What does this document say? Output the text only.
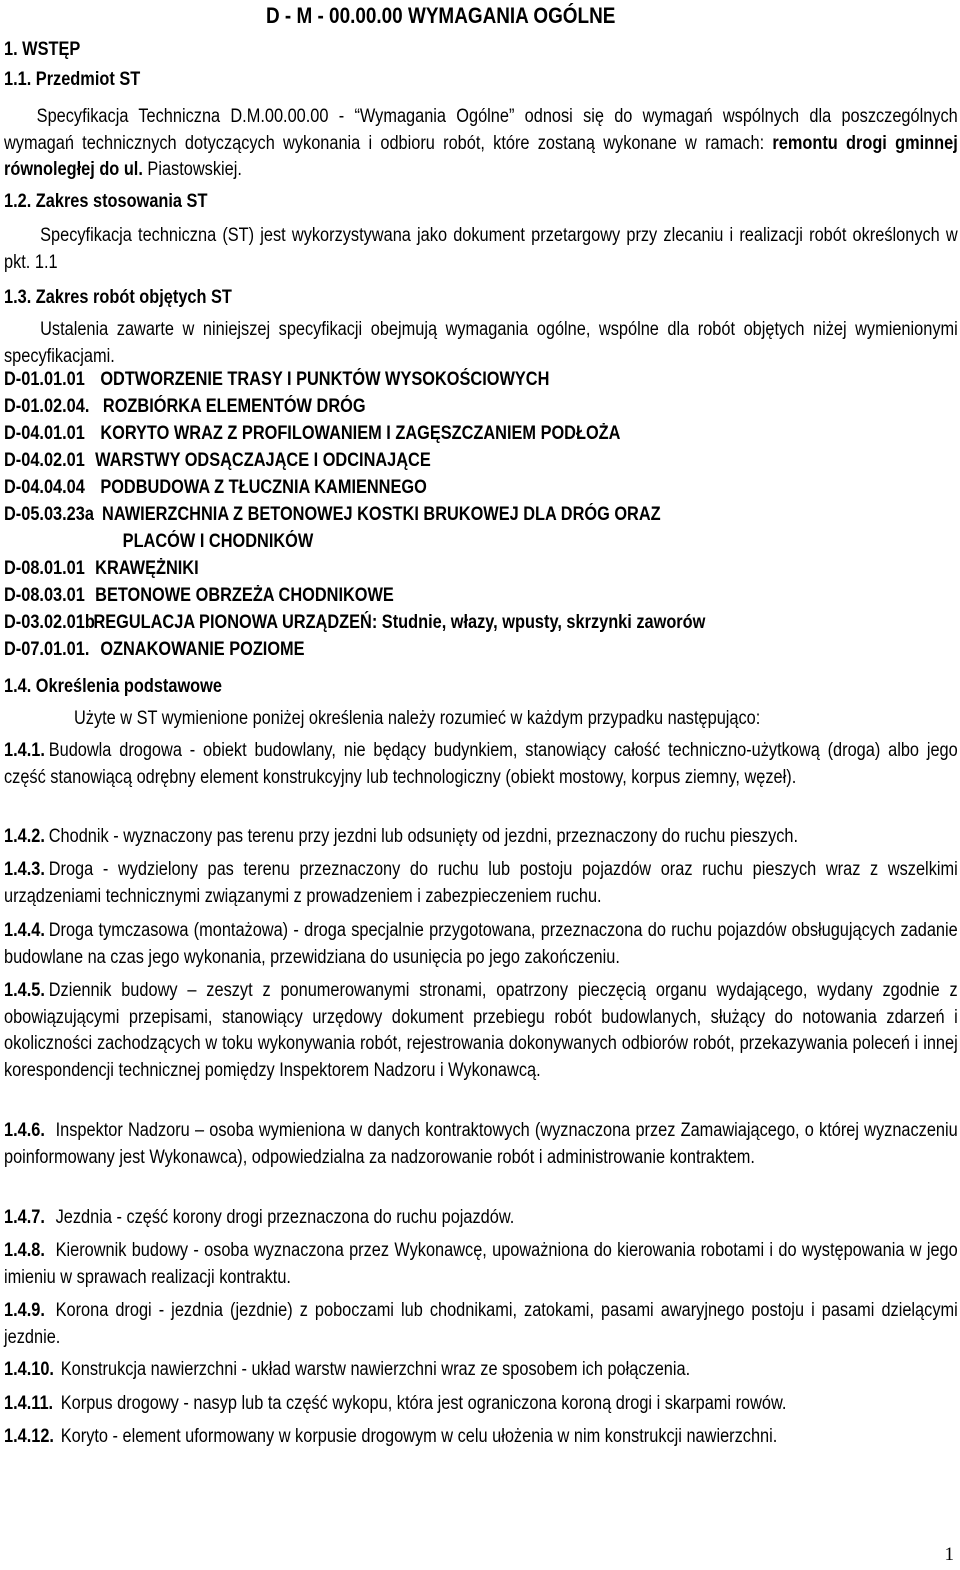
D - M - 00.00.00 WYMAGANIA OGÓLNE
1. WSTĘP
1.1. Przedmiot ST
Specyfikacja Techniczna D.M.00.00.00 - “Wymagania Ogólne” odnosi się do wymagań wspólnych dla poszczególnych wymagań technicznych dotyczących wykonania i odbioru robót, które zostaną wykonane w ramach: remontu drogi gminnej równoległej do ul. Piastowskiej.
1.2. Zakres stosowania ST
Specyfikacja techniczna (ST) jest wykorzystywana jako dokument przetargowy przy zlecaniu i realizacji robót określonych w pkt. 1.1
1.3. Zakres robót objętych ST
Ustalenia zawarte w niniejszej specyfikacji obejmują wymagania ogólne, wspólne dla robót objętych niżej wymienionymi specyfikacjami.
D-01.01.01 ODTWORZENIE TRASY I PUNKTÓW WYSOKOŚCIOWYCH
D-01.02.04. ROZBIÓRKA ELEMENTÓW DRÓG
D-04.01.01 KORYTO WRAZ Z PROFILOWANIEM I ZAGĘSZCZANIEM PODŁOŻA
D-04.02.01 WARSTWY ODSĄCZAJĄCE I ODCINAJĄCE
D-04.04.04 PODBUDOWA Z TŁUCZNIA KAMIENNEGO
D-05.03.23a NAWIERZCHNIA Z BETONOWEJ KOSTKI BRUKOWEJ DLA DRÓG ORAZ
PLACÓW I CHODNIKÓW
D-08.01.01 KRAWĘŻNIKI
D-08.03.01 BETONOWE OBRZEŻA CHODNIKOWE
D-03.02.01bREGULACJA PIONOWA URZĄDZEŃ: Studnie, włazy, wpusty, skrzynki zaworów
D-07.01.01. OZNAKOWANIE POZIOME
1.4. Określenia podstawowe
Użyte w ST wymienione poniżej określenia należy rozumieć w każdym przypadku następująco:
1.4.1. Budowla drogowa - obiekt budowlany, nie będący budynkiem, stanowiący całość techniczno-użytkową (droga) albo jego część stanowiącą odrębny element konstrukcyjny lub technologiczny (obiekt mostowy, korpus ziemny, węzeł).
1.4.2. Chodnik - wyznaczony pas terenu przy jezdni lub odsunięty od jezdni, przeznaczony do ruchu pieszych.
1.4.3. Droga - wydzielony pas terenu przeznaczony do ruchu lub postoju pojazdów oraz ruchu pieszych wraz z wszelkimi urządzeniami technicznymi związanymi z prowadzeniem i zabezpieczeniem ruchu.
1.4.4. Droga tymczasowa (montażowa) - droga specjalnie przygotowana, przeznaczona do ruchu pojazdów obsługujących zadanie budowlane na czas jego wykonania, przewidziana do usunięcia po jego zakończeniu.
1.4.5. Dziennik budowy – zeszyt z ponumerowanymi stronami, opatrzony pieczęcią organu wydającego, wydany zgodnie z obowiązującymi przepisami, stanowiący urzędowy dokument przebiegu robót budowlanych, służący do notowania zdarzeń i okoliczności zachodzących w toku wykonywania robót, rejestrowania dokonywanych odbiorów robót, przekazywania poleceń i innej korespondencji technicznej pomiędzy Inspektorem Nadzoru i Wykonawcą.
1.4.6. Inspektor Nadzoru – osoba wymieniona w danych kontraktowych (wyznaczona przez Zamawiającego, o której wyznaczeniu poinformowany jest Wykonawca), odpowiedzialna za nadzorowanie robót i administrowanie kontraktem.
1.4.7. Jezdnia - część korony drogi przeznaczona do ruchu pojazdów.
1.4.8. Kierownik budowy - osoba wyznaczona przez Wykonawcę, upoważniona do kierowania robotami i do występowania w jego imieniu w sprawach realizacji kontraktu.
1.4.9. Korona drogi - jezdnia (jezdnie) z poboczami lub chodnikami, zatokami, pasami awaryjnego postoju i pasami dzielącymi jezdnie.
1.4.10. Konstrukcja nawierzchni - układ warstw nawierzchni wraz ze sposobem ich połączenia.
1.4.11. Korpus drogowy - nasyp lub ta część wykopu, która jest ograniczona koroną drogi i skarpami rowów.
1.4.12. Koryto - element uformowany w korpusie drogowym w celu ułożenia w nim konstrukcji nawierzchni.
1
